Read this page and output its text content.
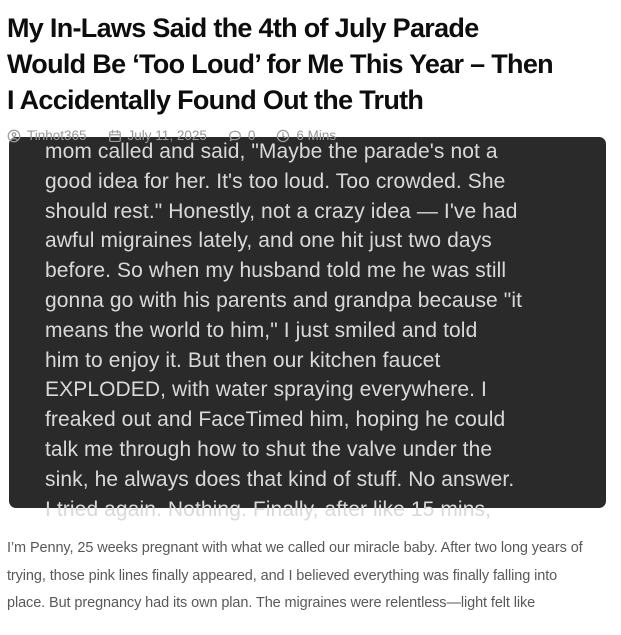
My In-Laws Said the 4th of July Parade
Would Be ‘Too Loud’ for Me This Year – Then
I Accidentally Found Out the Truth
Tinhot365	July 11, 2025	0	6 Mins
mom called and said, "Maybe the parade's not a
good idea for her. It's too loud. Too crowded. She
should rest." Honestly, not a crazy idea — I've had
awful migraines lately, and one hit just two days
before. So when my husband told me he was still
gonna go with his parents and grandpa because "it
means the world to him," I just smiled and told
him to enjoy it. But then our kitchen faucet
EXPLODED, with water spraying everywhere. I
freaked out and FaceTimed him, hoping he could
talk me through how to shut the valve under the
sink, he always does that kind of stuff. No answer.
I tried again. Nothing. Finally, after like 15 mins,
I’m Penny, 25 weeks pregnant with what we called our miracle baby. After two long years of
trying, those pink lines finally appeared, and I believed everything was finally falling into
place. But pregnancy had its own plan. The migraines were relentless—light felt like
